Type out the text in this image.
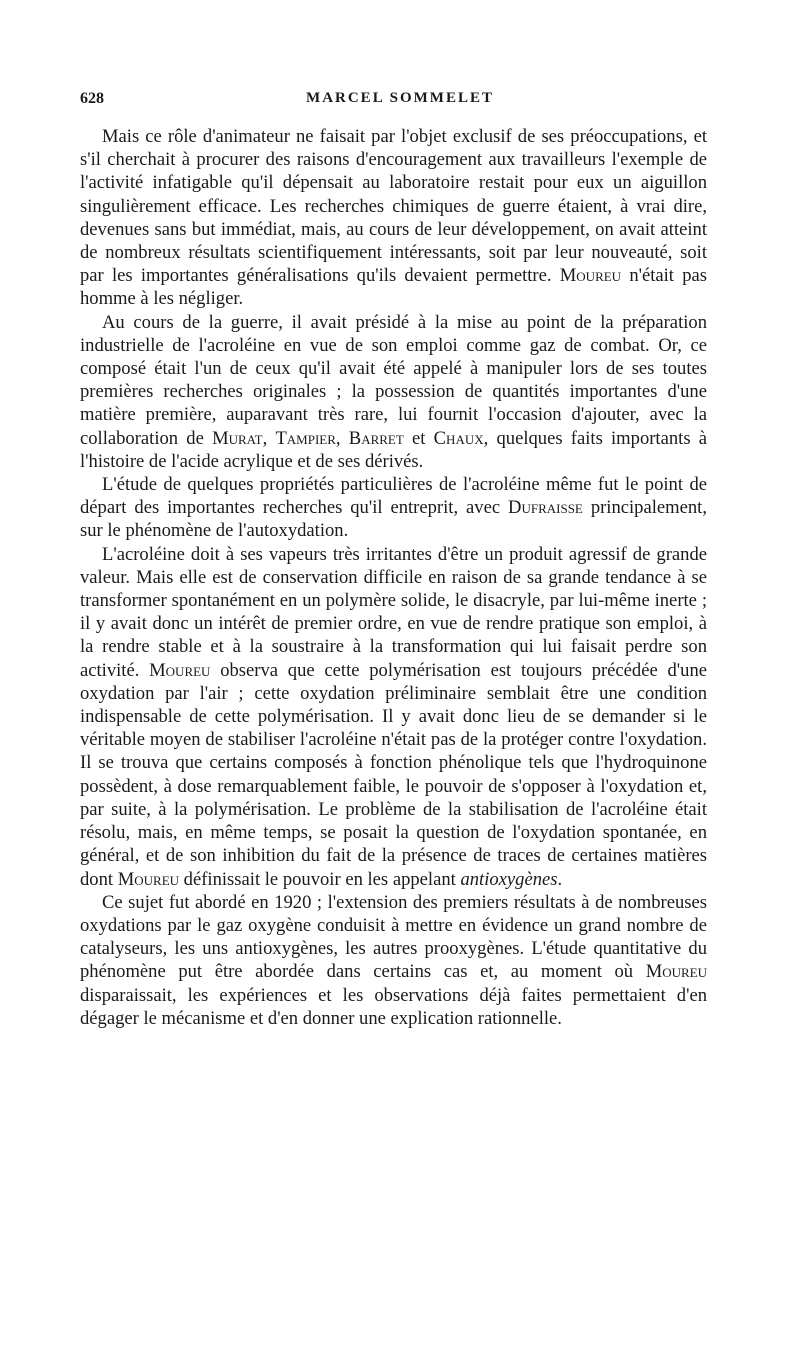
628	MARCEL SOMMELET

Mais ce rôle d'animateur ne faisait par l'objet exclusif de ses préoccupations, et s'il cherchait à procurer des raisons d'encouragement aux travailleurs l'exemple de l'activité infatigable qu'il dépensait au laboratoire restait pour eux un aiguillon singulièrement efficace. Les recherches chimiques de guerre étaient, à vrai dire, devenues sans but immédiat, mais, au cours de leur développement, on avait atteint de nombreux résultats scientifiquement intéressants, soit par leur nouveauté, soit par les importantes généralisations qu'ils devaient permettre. Moureu n'était pas homme à les négliger.

Au cours de la guerre, il avait présidé à la mise au point de la préparation industrielle de l'acroléine en vue de son emploi comme gaz de combat. Or, ce composé était l'un de ceux qu'il avait été appelé à manipuler lors de ses toutes premières recherches originales ; la possession de quantités importantes d'une matière première, auparavant très rare, lui fournit l'occasion d'ajouter, avec la collaboration de Murat, Tampier, Barret et Chaux, quelques faits importants à l'histoire de l'acide acrylique et de ses dérivés.

L'étude de quelques propriétés particulières de l'acroléine même fut le point de départ des importantes recherches qu'il entreprit, avec Dufraisse principalement, sur le phénomène de l'autoxydation.

L'acroléine doit à ses vapeurs très irritantes d'être un produit agressif de grande valeur. Mais elle est de conservation difficile en raison de sa grande tendance à se transformer spontanément en un polymère solide, le disacryle, par lui-même inerte ; il y avait donc un intérêt de premier ordre, en vue de rendre pratique son emploi, à la rendre stable et à la soustraire à la transformation qui lui faisait perdre son activité. Moureu observa que cette polymérisation est toujours précédée d'une oxydation par l'air ; cette oxydation préliminaire semblait être une condition indispensable de cette polymérisation. Il y avait donc lieu de se demander si le véritable moyen de stabiliser l'acroléine n'était pas de la protéger contre l'oxydation. Il se trouva que certains composés à fonction phénolique tels que l'hydroquinone possèdent, à dose remarquablement faible, le pouvoir de s'opposer à l'oxydation et, par suite, à la polymérisation. Le problème de la stabilisation de l'acroléine était résolu, mais, en même temps, se posait la question de l'oxydation spontanée, en général, et de son inhibition du fait de la présence de traces de certaines matières dont Moureu définissait le pouvoir en les appelant antioxygènes.

Ce sujet fut abordé en 1920 ; l'extension des premiers résultats à de nombreuses oxydations par le gaz oxygène conduisit à mettre en évidence un grand nombre de catalyseurs, les uns antioxygènes, les autres prooxygènes. L'étude quantitative du phénomène put être abordée dans certains cas et, au moment où Moureu disparaissait, les expériences et les observations déjà faites permettaient d'en dégager le mécanisme et d'en donner une explication rationnelle.
